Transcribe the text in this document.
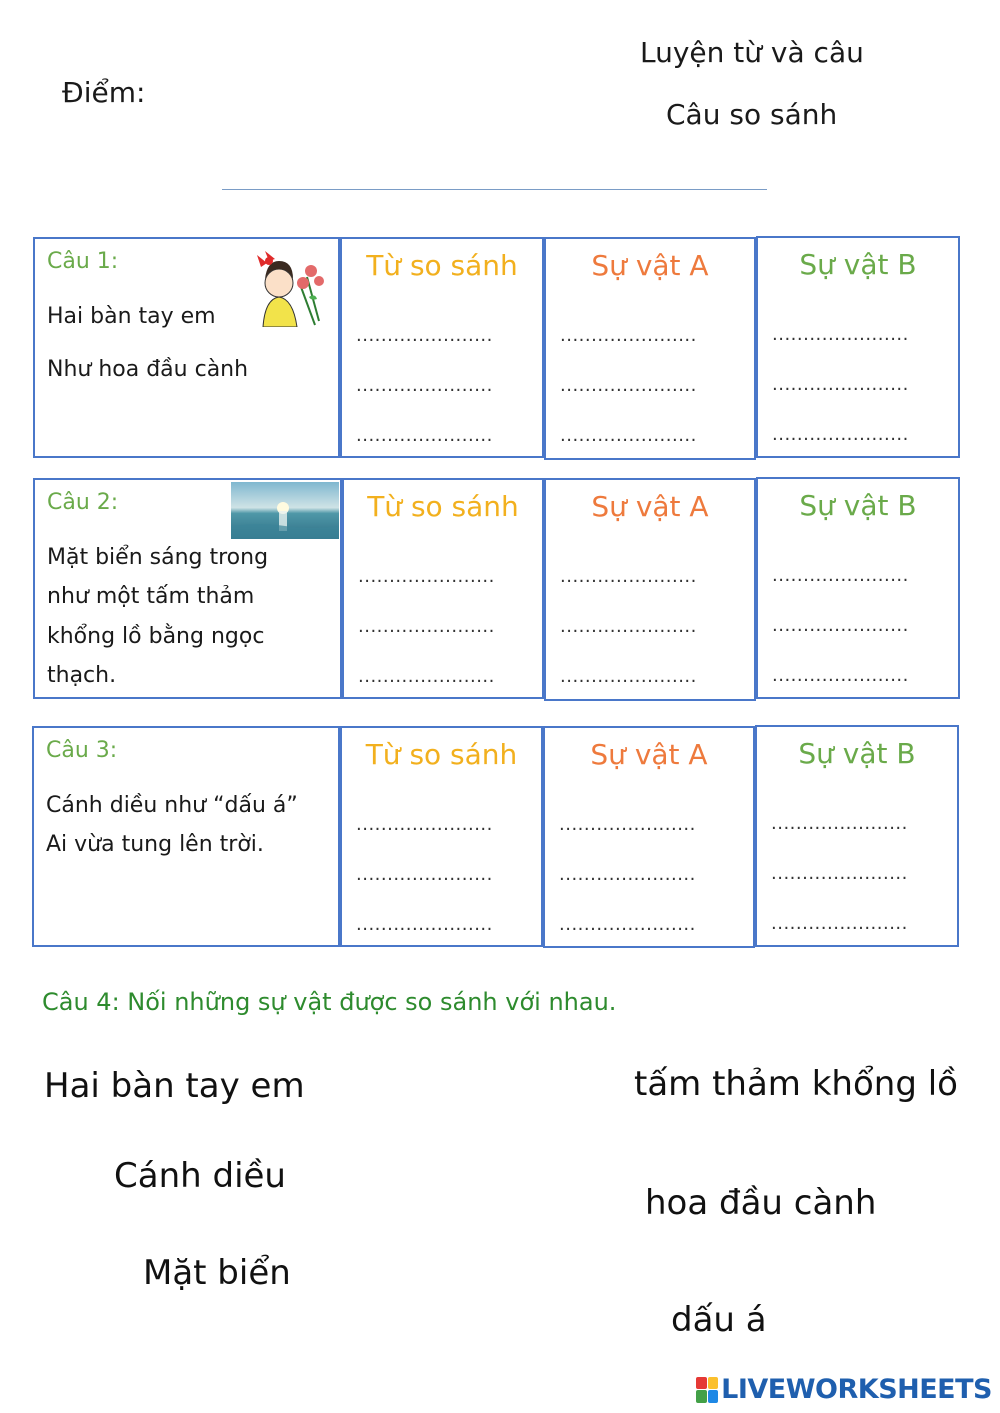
Điểm:
Luyện từ và câu
Câu so sánh
Câu 1:
Hai bàn tay em
Như hoa đầu cành
Từ so sánh
......................
......................
......................
Sự vật A
......................
......................
......................
Sự vật B
......................
......................
......................
Câu 2:
Mặt biển sáng trong
như một tấm thảm
khổng lồ bằng ngọc
thạch.
Từ so sánh
......................
......................
......................
Sự vật A
......................
......................
......................
Sự vật B
......................
......................
......................
Câu 3:
Cánh diều như “dấu á”
Ai vừa tung lên trời.
Từ so sánh
......................
......................
......................
Sự vật A
......................
......................
......................
Sự vật B
......................
......................
......................
Câu 4: Nối những sự vật được so sánh với nhau.
Hai bàn tay em
Cánh diều
Mặt biển
tấm thảm khổng lồ
hoa đầu cành
dấu á
LIVEWORKSHEETS
